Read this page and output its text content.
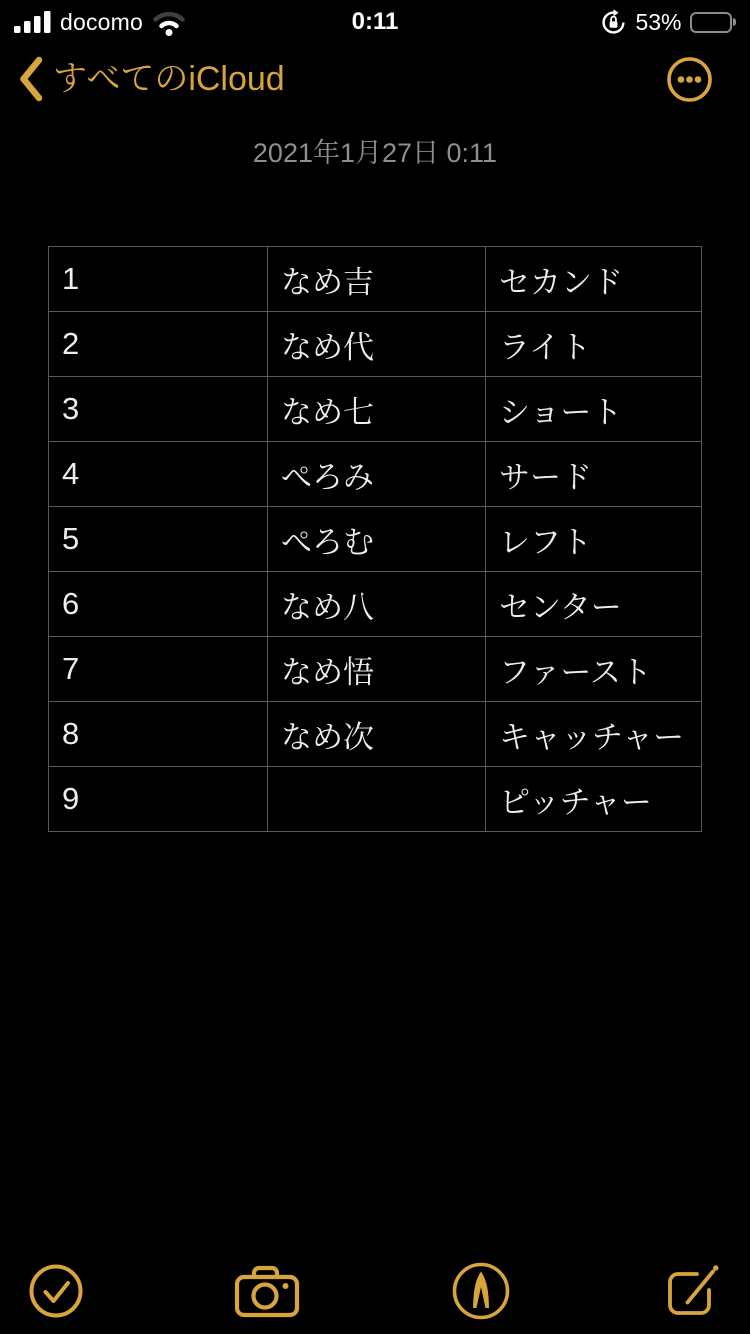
docomo	0:11	53%
すべてのiCloud
2021年1月27日 0:11
1	なめ吉	セカンド
2	なめ代	ライト
3	なめ七	ショート
4	ぺろみ	サード
5	ぺろむ	レフト
6	なめ八	センター
7	なめ悟	ファースト
8	なめ次	キャッチャー
9		ピッチャー
